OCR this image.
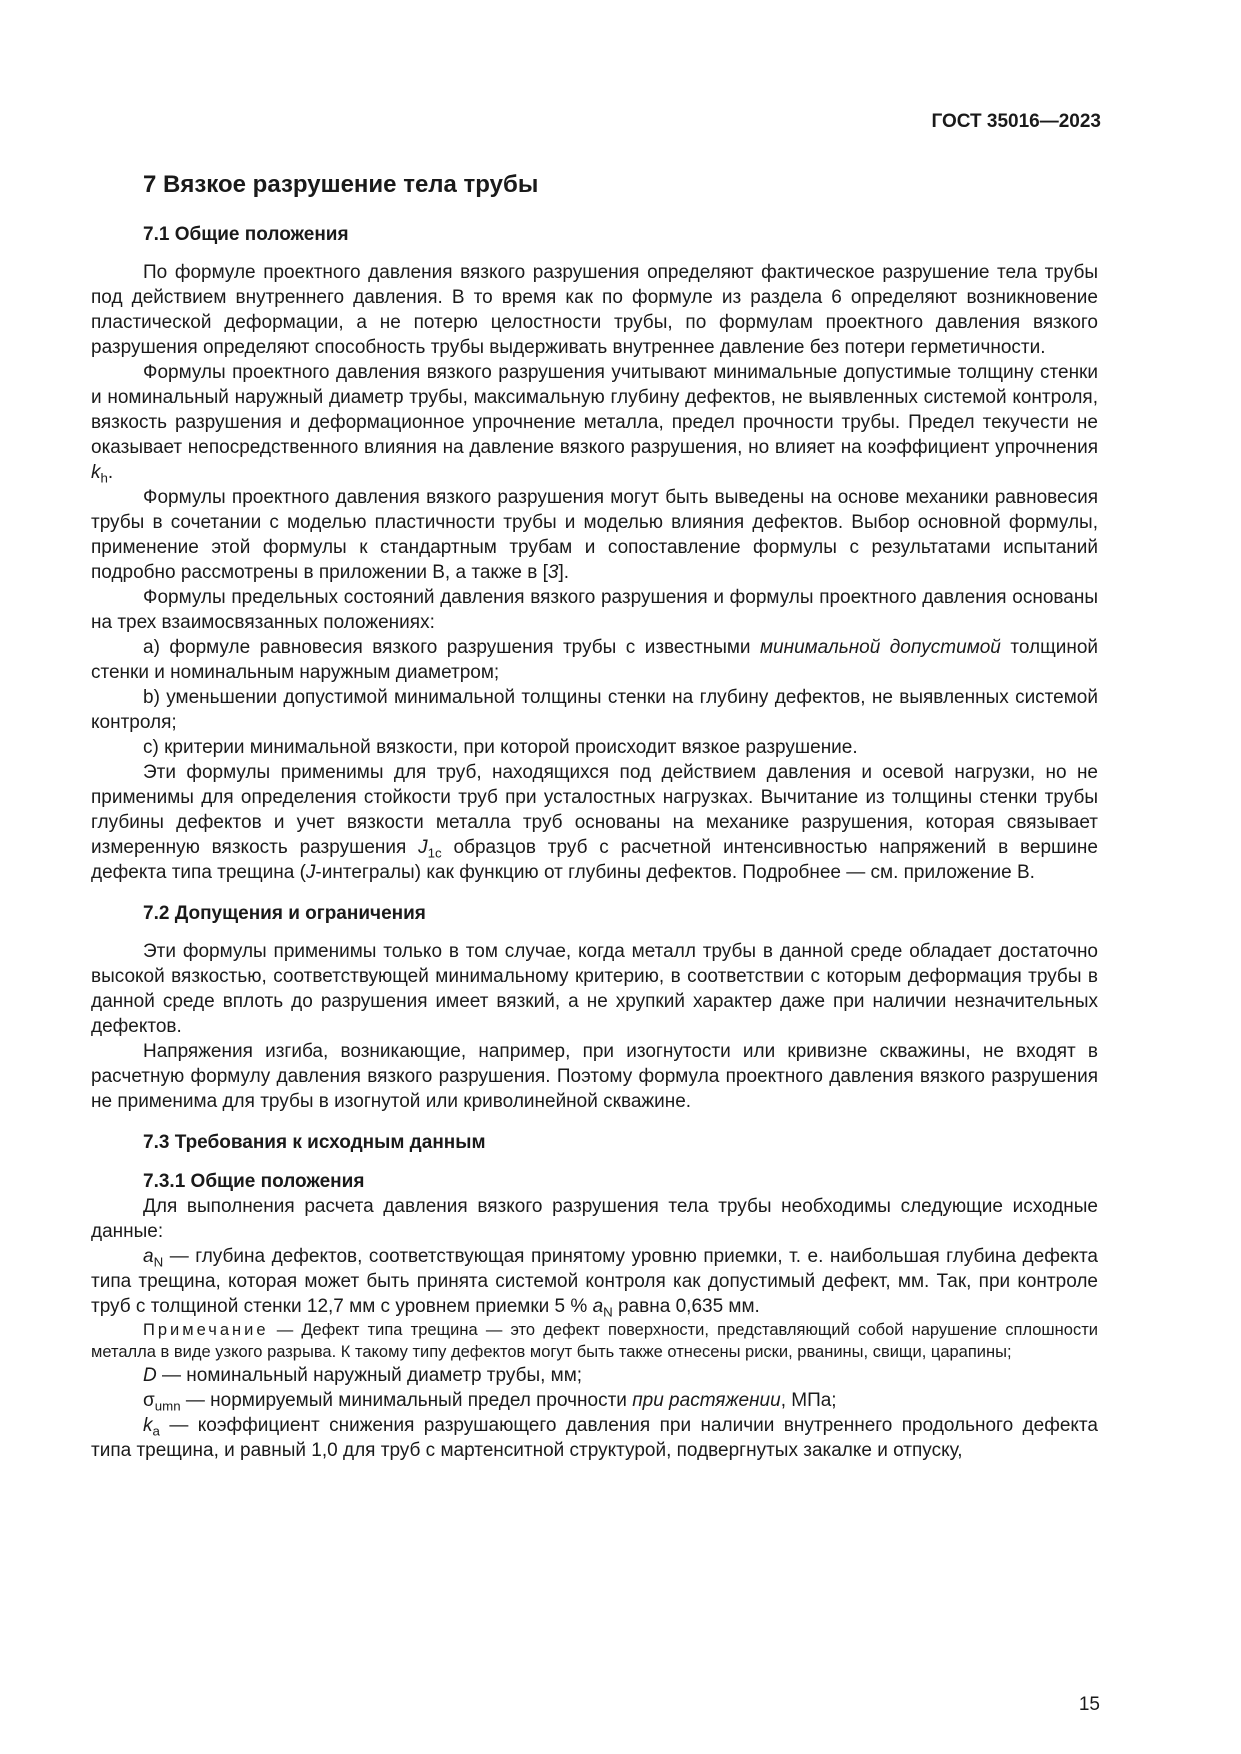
ГОСТ 35016—2023
7 Вязкое разрушение тела трубы
7.1 Общие положения

По формуле проектного давления вязкого разрушения определяют фактическое разрушение тела трубы под действием внутреннего давления. В то время как по формуле из раздела 6 определяют возникновение пластической деформации, а не потерю целостности трубы, по формулам проектного давления вязкого разрушения определяют способность трубы выдерживать внутреннее давление без потери герметичности.

Формулы проектного давления вязкого разрушения учитывают минимальные допустимые толщину стенки и номинальный наружный диаметр трубы, максимальную глубину дефектов, не выявленных системой контроля, вязкость разрушения и деформационное упрочнение металла, предел прочности трубы. Предел текучести не оказывает непосредственного влияния на давление вязкого разрушения, но влияет на коэффициент упрочнения $k_h$.

Формулы проектного давления вязкого разрушения могут быть выведены на основе механики равновесия трубы в сочетании с моделью пластичности трубы и моделью влияния дефектов. Выбор основной формулы, применение этой формулы к стандартным трубам и сопоставление формулы с результатами испытаний подробно рассмотрены в приложении В, а также в [3].

Формулы предельных состояний давления вязкого разрушения и формулы проектного давления основаны на трех взаимосвязанных положениях:

a) формуле равновесия вязкого разрушения трубы с известными минимальной допустимой толщиной стенки и номинальным наружным диаметром;

b) уменьшении допустимой минимальной толщины стенки на глубину дефектов, не выявленных системой контроля;

c) критерии минимальной вязкости, при которой происходит вязкое разрушение.

Эти формулы применимы для труб, находящихся под действием давления и осевой нагрузки, но не применимы для определения стойкости труб при усталостных нагрузках. Вычитание из толщины стенки трубы глубины дефектов и учет вязкости металла труб основаны на механике разрушения, которая связывает измеренную вязкость разрушения $J_{1c}$ образцов труб с расчетной интенсивностью напряжений в вершине дефекта типа трещина (J-интегралы) как функцию от глубины дефектов. Подробнее — см. приложение В.

7.2 Допущения и ограничения

Эти формулы применимы только в том случае, когда металл трубы в данной среде обладает достаточно высокой вязкостью, соответствующей минимальному критерию, в соответствии с которым деформация трубы в данной среде вплоть до разрушения имеет вязкий, а не хрупкий характер даже при наличии незначительных дефектов.

Напряжения изгиба, возникающие, например, при изогнутости или кривизне скважины, не входят в расчетную формулу давления вязкого разрушения. Поэтому формула проектного давления вязкого разрушения не применима для трубы в изогнутой или криволинейной скважине.

7.3 Требования к исходным данным
7.3.1 Общие положения

Для выполнения расчета давления вязкого разрушения тела трубы необходимы следующие исходные данные:

$a_N$ — глубина дефектов, соответствующая принятому уровню приемки, т. е. наибольшая глубина дефекта типа трещина, которая может быть принята системой контроля как допустимый дефект, мм. Так, при контроле труб с толщиной стенки 12,7 мм с уровнем приемки 5 % $a_N$ равна 0,635 мм.

Примечание — Дефект типа трещина — это дефект поверхности, представляющий собой нарушение сплошности металла в виде узкого разрыва. К такому типу дефектов могут быть также отнесены риски, рванины, свищи, царапины;

D — номинальный наружный диаметр трубы, мм;

$\sigma_{umn}$ — нормируемый минимальный предел прочности при растяжении, МПа;

$k_a$ — коэффициент снижения разрушающего давления при наличии внутреннего продольного дефекта типа трещина, и равный 1,0 для труб с мартенситной структурой, подвергнутых закалке и отпуску,

15
